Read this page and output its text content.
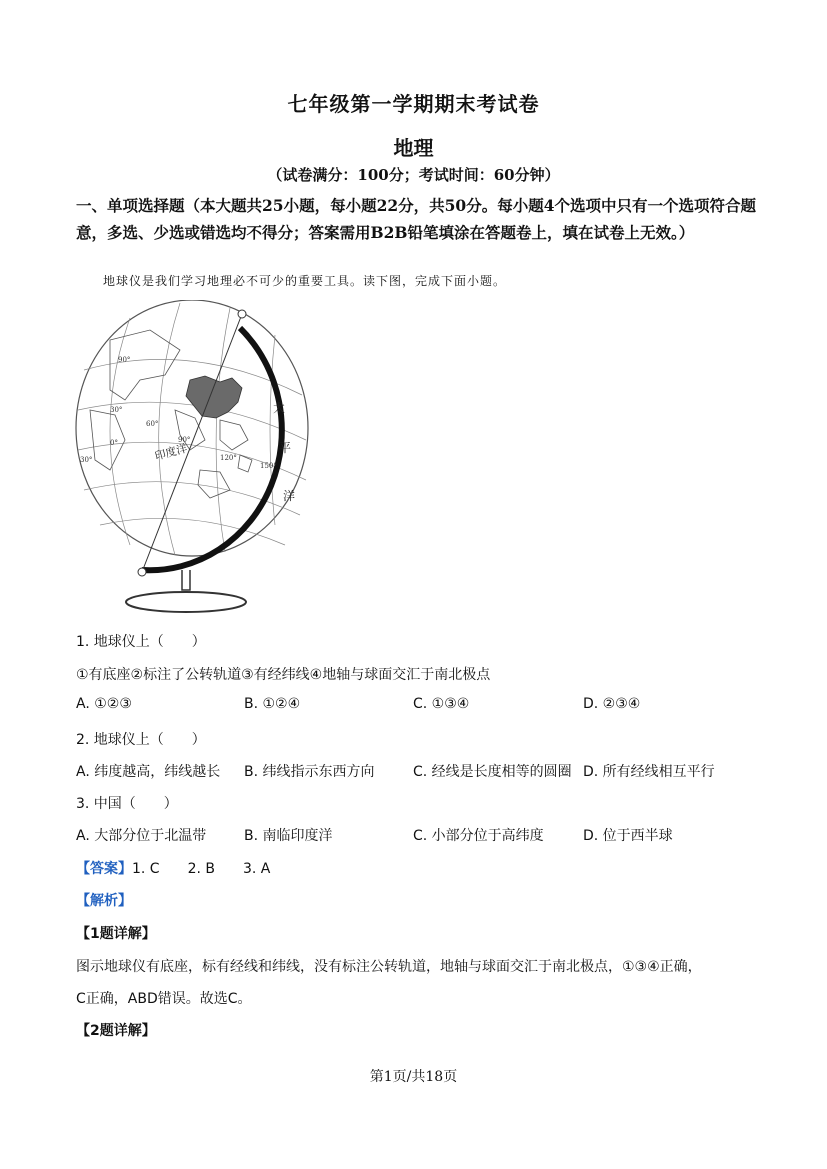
七年级第一学期期末考试卷
地理
（试卷满分：100分；考试时间：60分钟）
一、单项选择题（本大题共25小题，每小题22分，共50分。每小题4个选项中只有一个选项符合题意，多选、少选或错选均不得分；答案需用B2B铅笔填涂在答题卷上，填在试卷上无效。）
地球仪是我们学习地理必不可少的重要工具。读下图，完成下面小题。
太
平
洋
印度洋
90°
30°
60°
0°	90°
120°
30°
150°
1. 地球仪上（　　）
①有底座②标注了公转轨道③有经纬线④地轴与球面交汇于南北极点
A. ①②③	B. ①②④	C. ①③④	D. ②③④
2. 地球仪上（　　）
A. 纬度越高，纬线越长 B. 纬线指示东西方向	C. 经线是长度相等的圆圈 D. 所有经线相互平行
3. 中国（　　）
A. 大部分位于北温带	B. 南临印度洋	C. 小部分位于高纬度	D. 位于西半球
【答案】1. C　　2. B　　3. A
【解析】
【1题详解】
图示地球仪有底座，标有经线和纬线，没有标注公转轨道，地轴与球面交汇于南北极点，①③④正确，
C正确，ABD错误。故选C。
【2题详解】
第1页/共18页
